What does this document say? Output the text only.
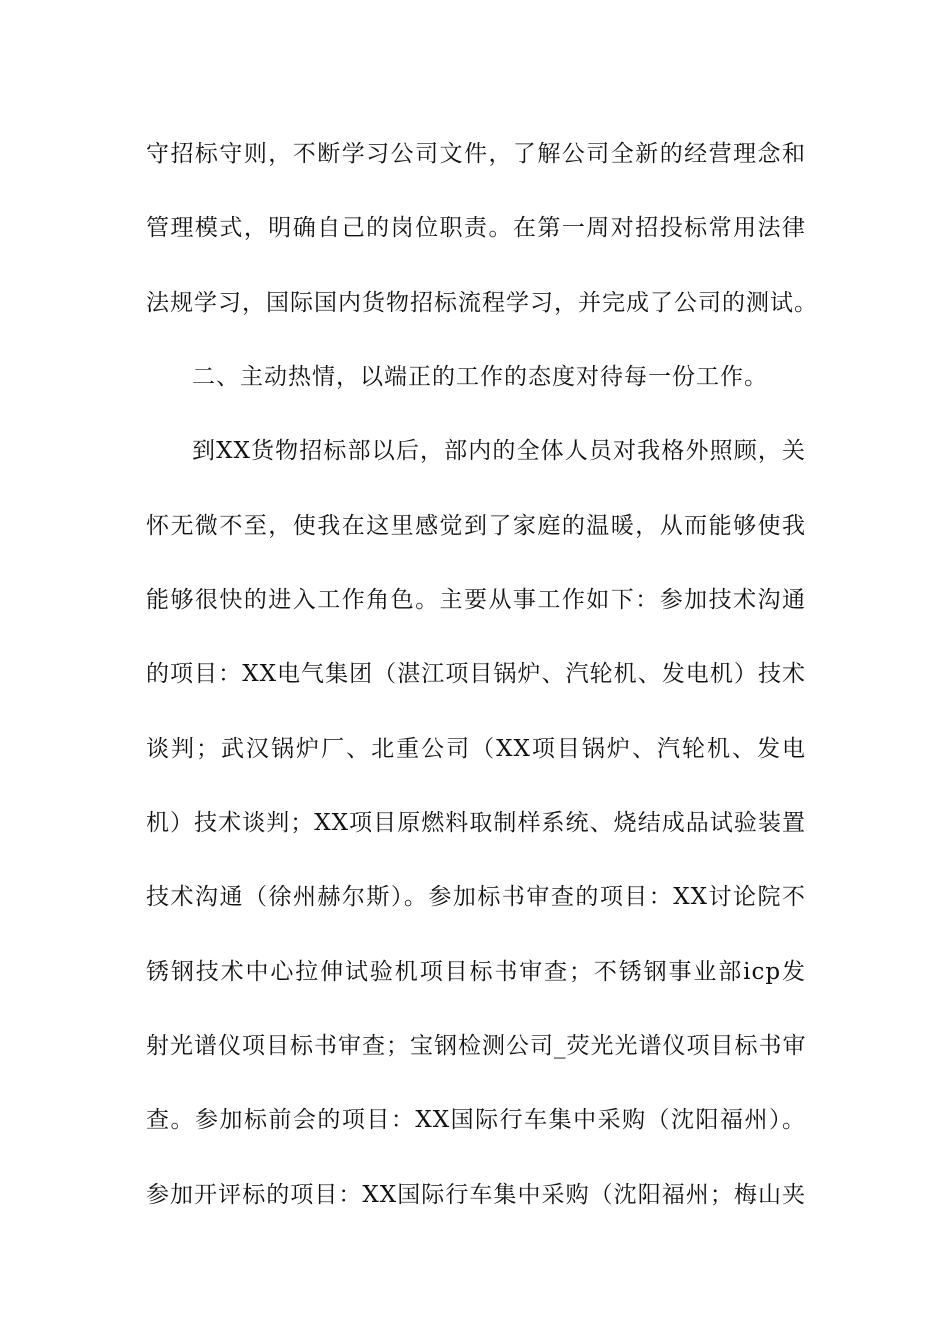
守招标守则，不断学习公司文件，了解公司全新的经营理念和
管理模式，明确自己的岗位职责。在第一周对招投标常用法律
法规学习，国际国内货物招标流程学习，并完成了公司的测试。
二、主动热情，以端正的工作的态度对待每一份工作。
到XX货物招标部以后，部内的全体人员对我格外照顾，关
怀无微不至，使我在这里感觉到了家庭的温暖，从而能够使我
能够很快的进入工作角色。主要从事工作如下：参加技术沟通
的项目：XX电气集团（湛江项目锅炉、汽轮机、发电机）技术
谈判；武汉锅炉厂、北重公司（XX项目锅炉、汽轮机、发电
机）技术谈判；XX项目原燃料取制样系统、烧结成品试验装置
技术沟通（徐州赫尔斯）。参加标书审查的项目：XX讨论院不
锈钢技术中心拉伸试验机项目标书审查；不锈钢事业部icp发
射光谱仪项目标书审查；宝钢检测公司_荧光光谱仪项目标书审
查。参加标前会的项目：XX国际行车集中采购（沈阳福州）。
参加开评标的项目：XX国际行车集中采购（沈阳福州；梅山夹
